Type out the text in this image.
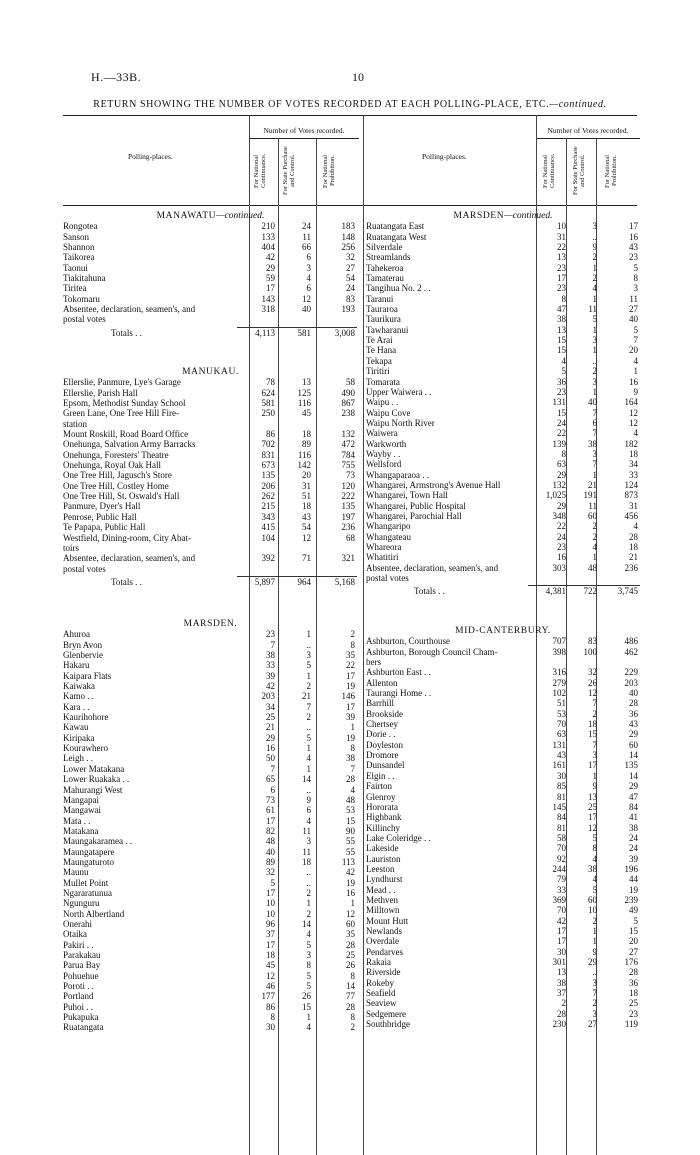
H.—33B.	10
RETURN SHOWING THE NUMBER OF VOTES RECORDED AT EACH POLLING-PLACE, ETC.—continued.
Polling-places.
Number of Votes recorded.
For National Continuance. For State Purchase and Control.	For National Prohibition.	Polling-places.
Number of Votes recorded.
For National Continuance. For State Purchase and Control.	For National Prohibition.
MANAWATU—continued.
Rongotea	210	24	183
Sanson	133	11	148
Shannon	404	66	256
Taikorea	42	6	32
Taonui	29	3	27
Tiakitahuna	59	4	54
Tiritea	17	6	24
Tokomaru	143	12	83
Absentee, declaration, seamen's, and	318	40	193
postal votes
Totals . .	4,113	581	3,008
MANUKAU.
Ellerslie, Panmure, Lye's Garage	78	13	58
Ellerslie, Parish Hall	624	125	490
Epsom, Methodist Sunday School	581	116	867
Green Lane, One Tree Hill Fire-	250	45	238
station
Mount Roskill, Road Board Office	86	18	132
Onehunga, Salvation Army Barracks	702	89	472
Onehunga, Foresters' Theatre	831	116	784
Onehunga, Royal Oak Hall	673	142	755
One Tree Hill, Jagusch's Store	135	20	73
One Tree Hill, Costley Home	206	31	120
One Tree Hill, St. Oswald's Hall	262	51	222
Panmure, Dyer's Hall	215	18	135
Penrose, Public Hall	343	43	197
Te Papapa, Public Hall	415	54	236
Westfield, Dining-room, City Abat-	104	12	68
toirs
Absentee, declaration, seamen's, and	392	71	321
postal votes
Totals . .	5,897	964	5,168
MARSDEN.
Ahuroa	23	1	2
Bryn Avon	7	..	8
Glenbervie	38	3	35
Hakaru	33	5	22
Kaipara Flats	39	1	17
Kaiwaka	42	2	19
Kamo . .	203	21	146
Kara . .	34	7	17
Kaurihohore	25	2	39
Kawau	21	..	1
Kiripaka	29	5	19
Kourawhero	16	1	8
Leigh . .	50	4	38
Lower Matakana	7	1	7
Lower Ruakaka . .	65	14	28
Mahurangi West	6	..	4
Mangapai	73	9	48
Mangawai	61	6	53
Mata . .	17	4	15
Matakana	82	11	90
Maungakaramea . .	48	3	55
Maungatapere	40	11	55
Maungaturoto	89	18	113
Maunu	32	..	42
Mullet Point	5	..	19
Ngararatunua	17	2	16
Ngunguru	10	1	1
North Albertland	10	2	12
Onerahi	96	14	60
Otaika	37	4	35
Pakiri . .	17	5	28
Parakakau	18	3	25
Parua Bay	45	8	26
Pohuehue	12	5	8
Poroti . .	46	5	14
Portland	177	26	77
Puhoi . .	86	15	28
Pukapuka	8	1	8
Ruatangata	30	4	2
MARSDEN—continued.
Ruatangata East	10	3	17
Ruatangata West	31	..	16
Silverdale	22	9	43
Streamlands	13	2	23
Tahekeroa	23	1	5
Tamaterau	17	2	8
Tangihua No. 2 . .	23	4	3
Taranui	8	1	11
Tauraroa	47	11	27
Taurikura	38	5	40
Tawharanui	13	1	5
Te Arai	15	3	7
Te Hana	15	1	20
Tekapa	4	..	4
Tiritiri	5	2	1
Tomarata	36	3	16
Upper Waiwera . .	23	1	9
Waipu . .	131	40	164
Waipu Cove	15	7	12
Waipu North River	24	6	12
Waiwera	22	7	4
Warkworth	139	38	182
Wayby . .	8	3	18
Wellsford	63	7	34
Whangaparaoa . .	29	1	33
Whangarei, Armstrong's Avenue Hall	132	21	124
Whangarei, Town Hall	1,025	191	873
Whangarei, Public Hospital	29	11	31
Whangarei, Parochial Hall	348	60	456
Whangaripo	22	2	4
Whangateau	24	2	28
Whareora	23	4	18
Whatitiri	16	1	21
Absentee, declaration, seamen's, and	303	48	236
postal votes
Totals . .	4,381	722	3,745
MID-CANTERBURY.
Ashburton, Courthouse	707	83	486
Ashburton, Borough Council Cham-	398	100	462
bers
Ashburton East . .	316	32	229
Allenton	279	26	203
Taurangi Home . .	102	12	40
Barrhill	51	7	28
Brookside	53	2	36
Chertsey	70	18	43
Dorie . .	63	15	29
Doyleston	131	7	60
Dromore	43	3	14
Dunsandel	161	17	135
Elgin . .	30	1	14
Fairton	85	9	29
Glenroy	81	13	47
Hororata	145	25	84
Highbank	84	17	41
Killinchy	81	12	38
Lake Coleridge . .	58	5	24
Lakeside	70	8	24
Lauriston	92	4	39
Leeston	244	38	196
Lyndhurst	79	4	44
Mead . .	33	5	19
Methven	369	60	239
Milltown	70	10	49
Mount Hutt	42	2	5
Newlands	17	1	15
Overdale	17	1	20
Pendarves	30	9	27
Rakaia	301	29	176
Riverside	13	..	28
Rokeby	38	3	36
Seafield	37	7	18
Seaview	2	2	25
Sedgemere	28	3	23
Southbridge	230	27	119
